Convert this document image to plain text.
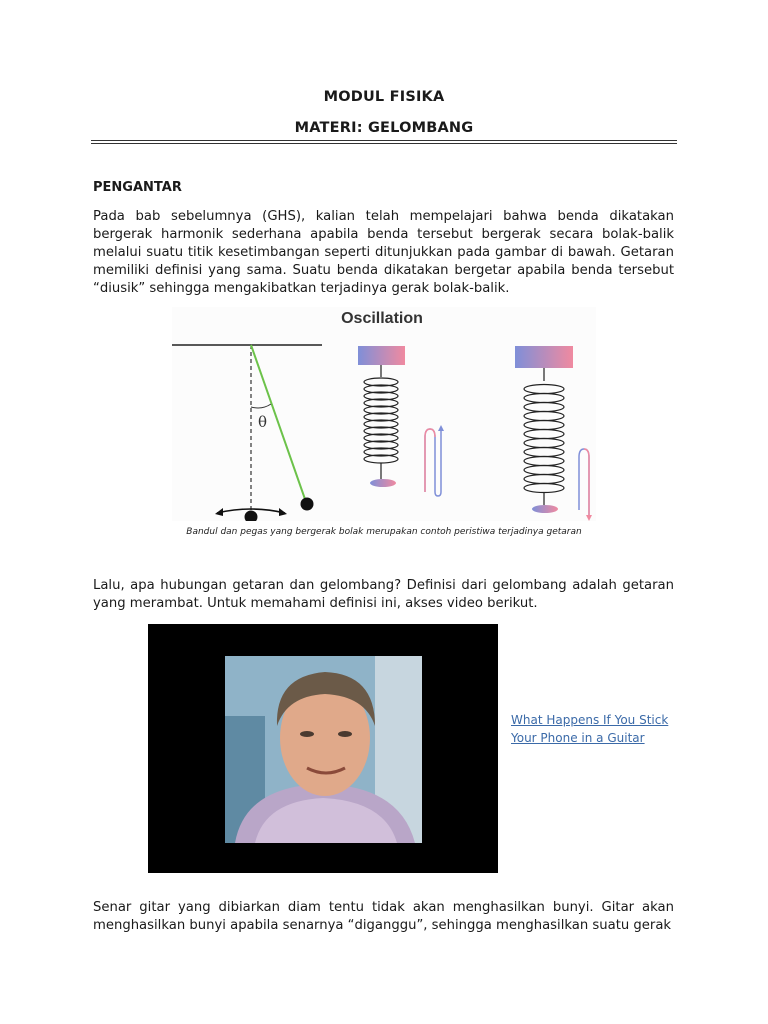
MODUL FISIKA
MATERI: GELOMBANG
PENGANTAR

Pada bab sebelumnya (GHS), kalian telah mempelajari bahwa benda dikatakan bergerak harmonik sederhana apabila benda tersebut bergerak secara bolak-balik melalui suatu titik kesetimbangan seperti ditunjukkan pada gambar di bawah. Getaran memiliki definisi yang sama. Suatu benda dikatakan bergetar apabila benda tersebut “diusik” sehingga mengakibatkan terjadinya gerak bolak-balik.

Oscillation
θ
Bandul dan pegas yang bergerak bolak merupakan contoh peristiwa terjadinya getaran

Lalu, apa hubungan getaran dan gelombang? Definisi dari gelombang adalah getaran yang merambat. Untuk memahami definisi ini, akses video berikut.

What Happens If You Stick Your Phone in a Guitar

Senar gitar yang dibiarkan diam tentu tidak akan menghasilkan bunyi. Gitar akan menghasilkan bunyi apabila senarnya “diganggu”, sehingga menghasilkan suatu gerak
